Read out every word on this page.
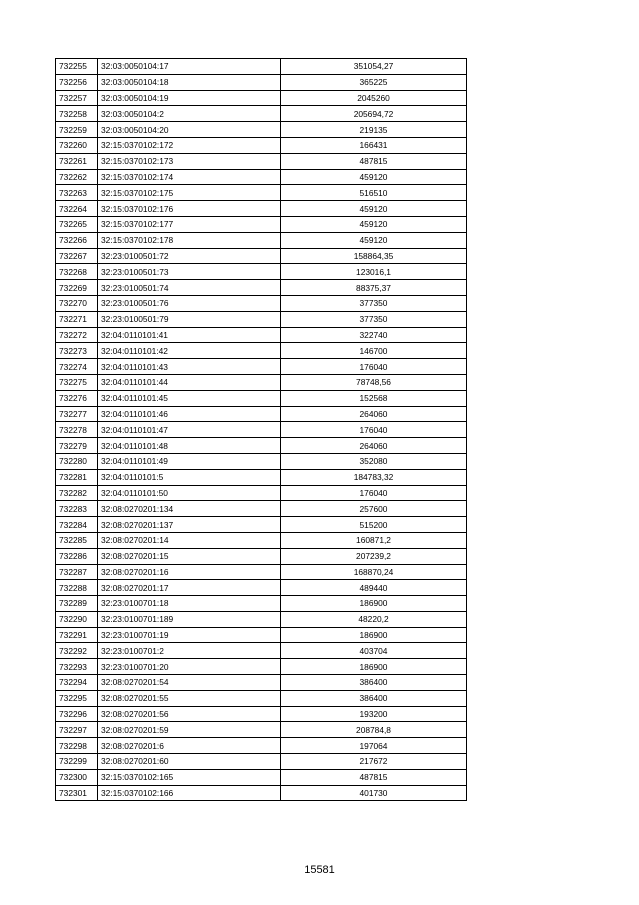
732255	32:03:0050104:17	351054,27
732256	32:03:0050104:18	365225
732257	32:03:0050104:19	2045260
732258	32:03:0050104:2	205694,72
732259	32:03:0050104:20	219135
732260	32:15:0370102:172	166431
732261	32:15:0370102:173	487815
732262	32:15:0370102:174	459120
732263	32:15:0370102:175	516510
732264	32:15:0370102:176	459120
732265	32:15:0370102:177	459120
732266	32:15:0370102:178	459120
732267	32:23:0100501:72	158864,35
732268	32:23:0100501:73	123016,1
732269	32:23:0100501:74	88375,37
732270	32:23:0100501:76	377350
732271	32:23:0100501:79	377350
732272	32:04:0110101:41	322740
732273	32:04:0110101:42	146700
732274	32:04:0110101:43	176040
732275	32:04:0110101:44	78748,56
732276	32:04:0110101:45	152568
732277	32:04:0110101:46	264060
732278	32:04:0110101:47	176040
732279	32:04:0110101:48	264060
732280	32:04:0110101:49	352080
732281	32:04:0110101:5	184783,32
732282	32:04:0110101:50	176040
732283	32:08:0270201:134	257600
732284	32:08:0270201:137	515200
732285	32:08:0270201:14	160871,2
732286	32:08:0270201:15	207239,2
732287	32:08:0270201:16	168870,24
732288	32:08:0270201:17	489440
732289	32:23:0100701:18	186900
732290	32:23:0100701:189	48220,2
732291	32:23:0100701:19	186900
732292	32:23:0100701:2	403704
732293	32:23:0100701:20	186900
732294	32:08:0270201:54	386400
732295	32:08:0270201:55	386400
732296	32:08:0270201:56	193200
732297	32:08:0270201:59	208784,8
732298	32:08:0270201:6	197064
732299	32:08:0270201:60	217672
732300	32:15:0370102:165	487815
732301	32:15:0370102:166	401730
15581
